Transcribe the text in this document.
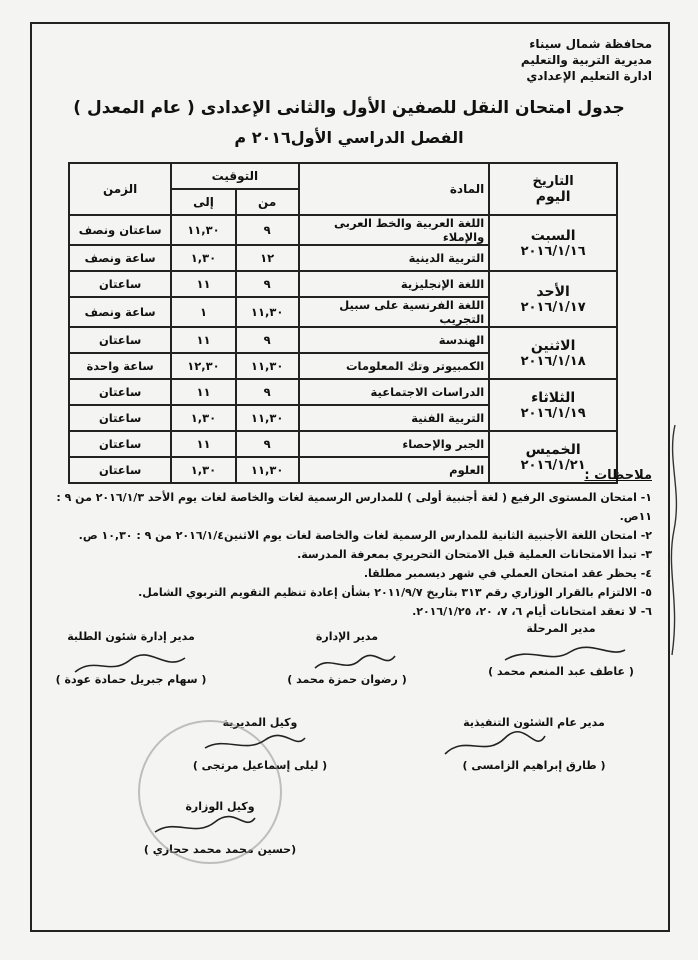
محافظة شمال سيناء
مديرية التربية والتعليم
ادارة التعليم الإعدادي
جدول امتحان النقل للصفين الأول والثانى الإعدادى ( عام المعدل )
الفصل الدراسي الأول٢٠١٦ م
التاريخ
اليوم	المادة	التوقيت		الزمن
		من	إلى	

السبت
٢٠١٦/١/١٦	اللغة العربية والخط العربى والإملاء	٩	١١,٣٠	ساعتان ونصف
	التربية الدينية	١٢	١,٣٠	ساعة ونصف

الأحد
٢٠١٦/١/١٧	اللغة الإنجليزية	٩	١١	ساعتان
	اللغة الفرنسية على سبيل التجريب	١١,٣٠	١	ساعة ونصف

الاثنين
٢٠١٦/١/١٨	الهندسة	٩	١١	ساعتان
	الكمبيوتر وتك المعلومات	١١,٣٠	١٢,٣٠	ساعة واحدة

الثلاثاء
٢٠١٦/١/١٩	الدراسات الاجتماعية	٩	١١	ساعتان
	التربية الفنية	١١,٣٠	١,٣٠	ساعتان

الخميس
٢٠١٦/١/٢١	الجبر والإحصاء	٩	١١	ساعتان
	العلوم	١١,٣٠	١,٣٠	ساعتان	ملاحظات :
١- امتحان المستوى الرفيع ( لغة أجنبية أولى ) للمدارس الرسمية لغات والخاصة لغات يوم الأحد ٢٠١٦/١/٣ من ٩ : ١١ص.
٢- امتحان اللغة الأجنبية الثانية للمدارس الرسمية لغات والخاصة لغات يوم الاثنين٢٠١٦/١/٤ من ٩ : ١٠,٣٠ ص.
٣- تبدأ الامتحانات العملية قبل الامتحان التحريري بمعرفة المدرسة.
٤- يحظر عقد امتحان العملي في شهر ديسمبر مطلقا.
٥- الالتزام بالقرار الوزاري رقم ٣١٣ بتاريخ ٢٠١١/٩/٧ بشأن إعادة تنظيم التقويم التربوي الشامل.
٦- لا تعقد امتحانات أيام ٦، ٧، ٢٠، ٢٠١٦/١/٢٥.
مدير المرحلة
( عاطف عبد المنعم محمد )
مدير الإدارة
( رضوان حمزة محمد )
مدير إدارة شئون الطلبة
( سهام جبريل حمادة عودة )
مدير عام الشئون التنفيذية
( طارق إبراهيم الزامسى )
وكيل المديرية
( ليلى إسماعيل مرتجى )
وكيل الوزارة
(حسين محمد محمد حجازي )
